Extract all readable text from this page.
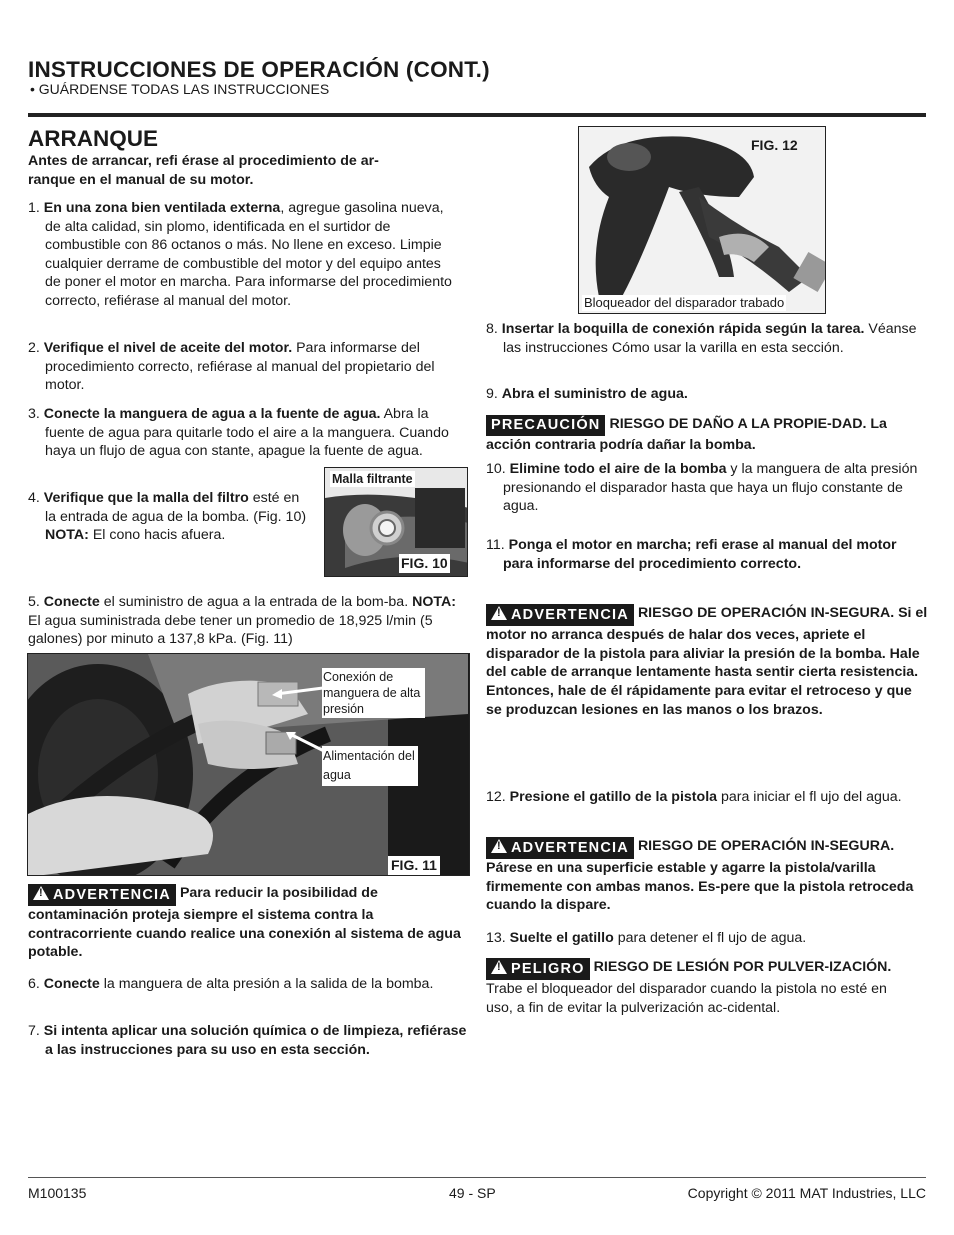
INSTRUCCIONES DE OPERACIÓN (CONT.)
• GUÁRDENSE TODAS LAS INSTRUCCIONES
ARRANQUE
Antes de arrancar, refi érase al procedimiento de ar-
ranque en el manual de su motor.
1. En una zona bien ventilada externa, agregue gasolina nueva, de alta calidad, sin plomo, identificada en el surtidor de combustible con 86 octanos o más. No llene en exceso. Limpie cualquier derrame de combustible del motor y del equipo antes de poner el motor en marcha. Para informarse del procedimiento correcto, refiérase al manual del motor.
2. Verifique el nivel de aceite del motor. Para informarse del procedimiento correcto, refiérase al manual del propietario del motor.
3. Conecte la manguera de agua a la fuente de agua. Abra la fuente de agua para quitarle todo el aire a la manguera. Cuando haya un flujo de agua con stante, apague la fuente de agua.
4. Verifique que la malla del filtro esté en la entrada de agua de la bomba. (Fig. 10)
NOTA: El cono hacis afuera.
Malla filtrante
FIG. 10
5. Conecte el suministro de agua a la entrada de la bom-ba. NOTA: El agua suministrada debe tener un promedio de 18,925 l/min (5 galones) por minuto a 137,8 kPa. (Fig. 11)
Conexión de manguera de alta presión
Alimentación del agua
FIG. 11
!ADVERTENCIA Para reducir la posibilidad de contaminación proteja siempre el sistema contra la contracorriente cuando realice una conexión al sistema de agua potable.
6. Conecte la manguera de alta presión a la salida de la bomba.
7. Si intenta aplicar una solución química o de limpieza, refiérase a las instrucciones para su uso en esta sección.
FIG. 12
Bloqueador del disparador trabado
8. Insertar la boquilla de conexión rápida según la tarea. Véanse las instrucciones Cómo usar la varilla en esta sección.
9. Abra el suministro de agua.
PRECAUCIÓN RIESGO DE DAÑO A LA PROPIE-DAD. La acción contraria podría dañar la bomba.
10. Elimine todo el aire de la bomba y la manguera de alta presión presionando el disparador hasta que haya un flujo constante de agua.
11. Ponga el motor en marcha; refi erase al manual del motor para informarse del procedimiento correcto.
!ADVERTENCIA RIESGO DE OPERACIÓN IN-SEGURA. Si el motor no arranca después de halar dos veces, apriete el disparador de la pistola para aliviar la presión de la bomba. Hale del cable de arranque lentamente hasta sentir cierta resistencia. Entonces, hale de él rápidamente para evitar el retroceso y que se produzcan lesiones en las manos o los brazos.
12. Presione el gatillo de la pistola para iniciar el fl ujo del agua.
!ADVERTENCIA RIESGO DE OPERACIÓN IN-SEGURA. Párese en una superficie estable y agarre la pistola/varilla firmemente con ambas manos. Es-pere que la pistola retroceda cuando la dispare.
13. Suelte el gatillo para detener el fl ujo de agua.
!PELIGRO RIESGO DE LESIÓN POR PULVER-IZACIÓN. Trabe el bloqueador del disparador cuando la pistola no esté en uso, a fin de evitar la pulverización ac-cidental.
M100135	49 - SP	Copyright © 2011 MAT Industries, LLC
